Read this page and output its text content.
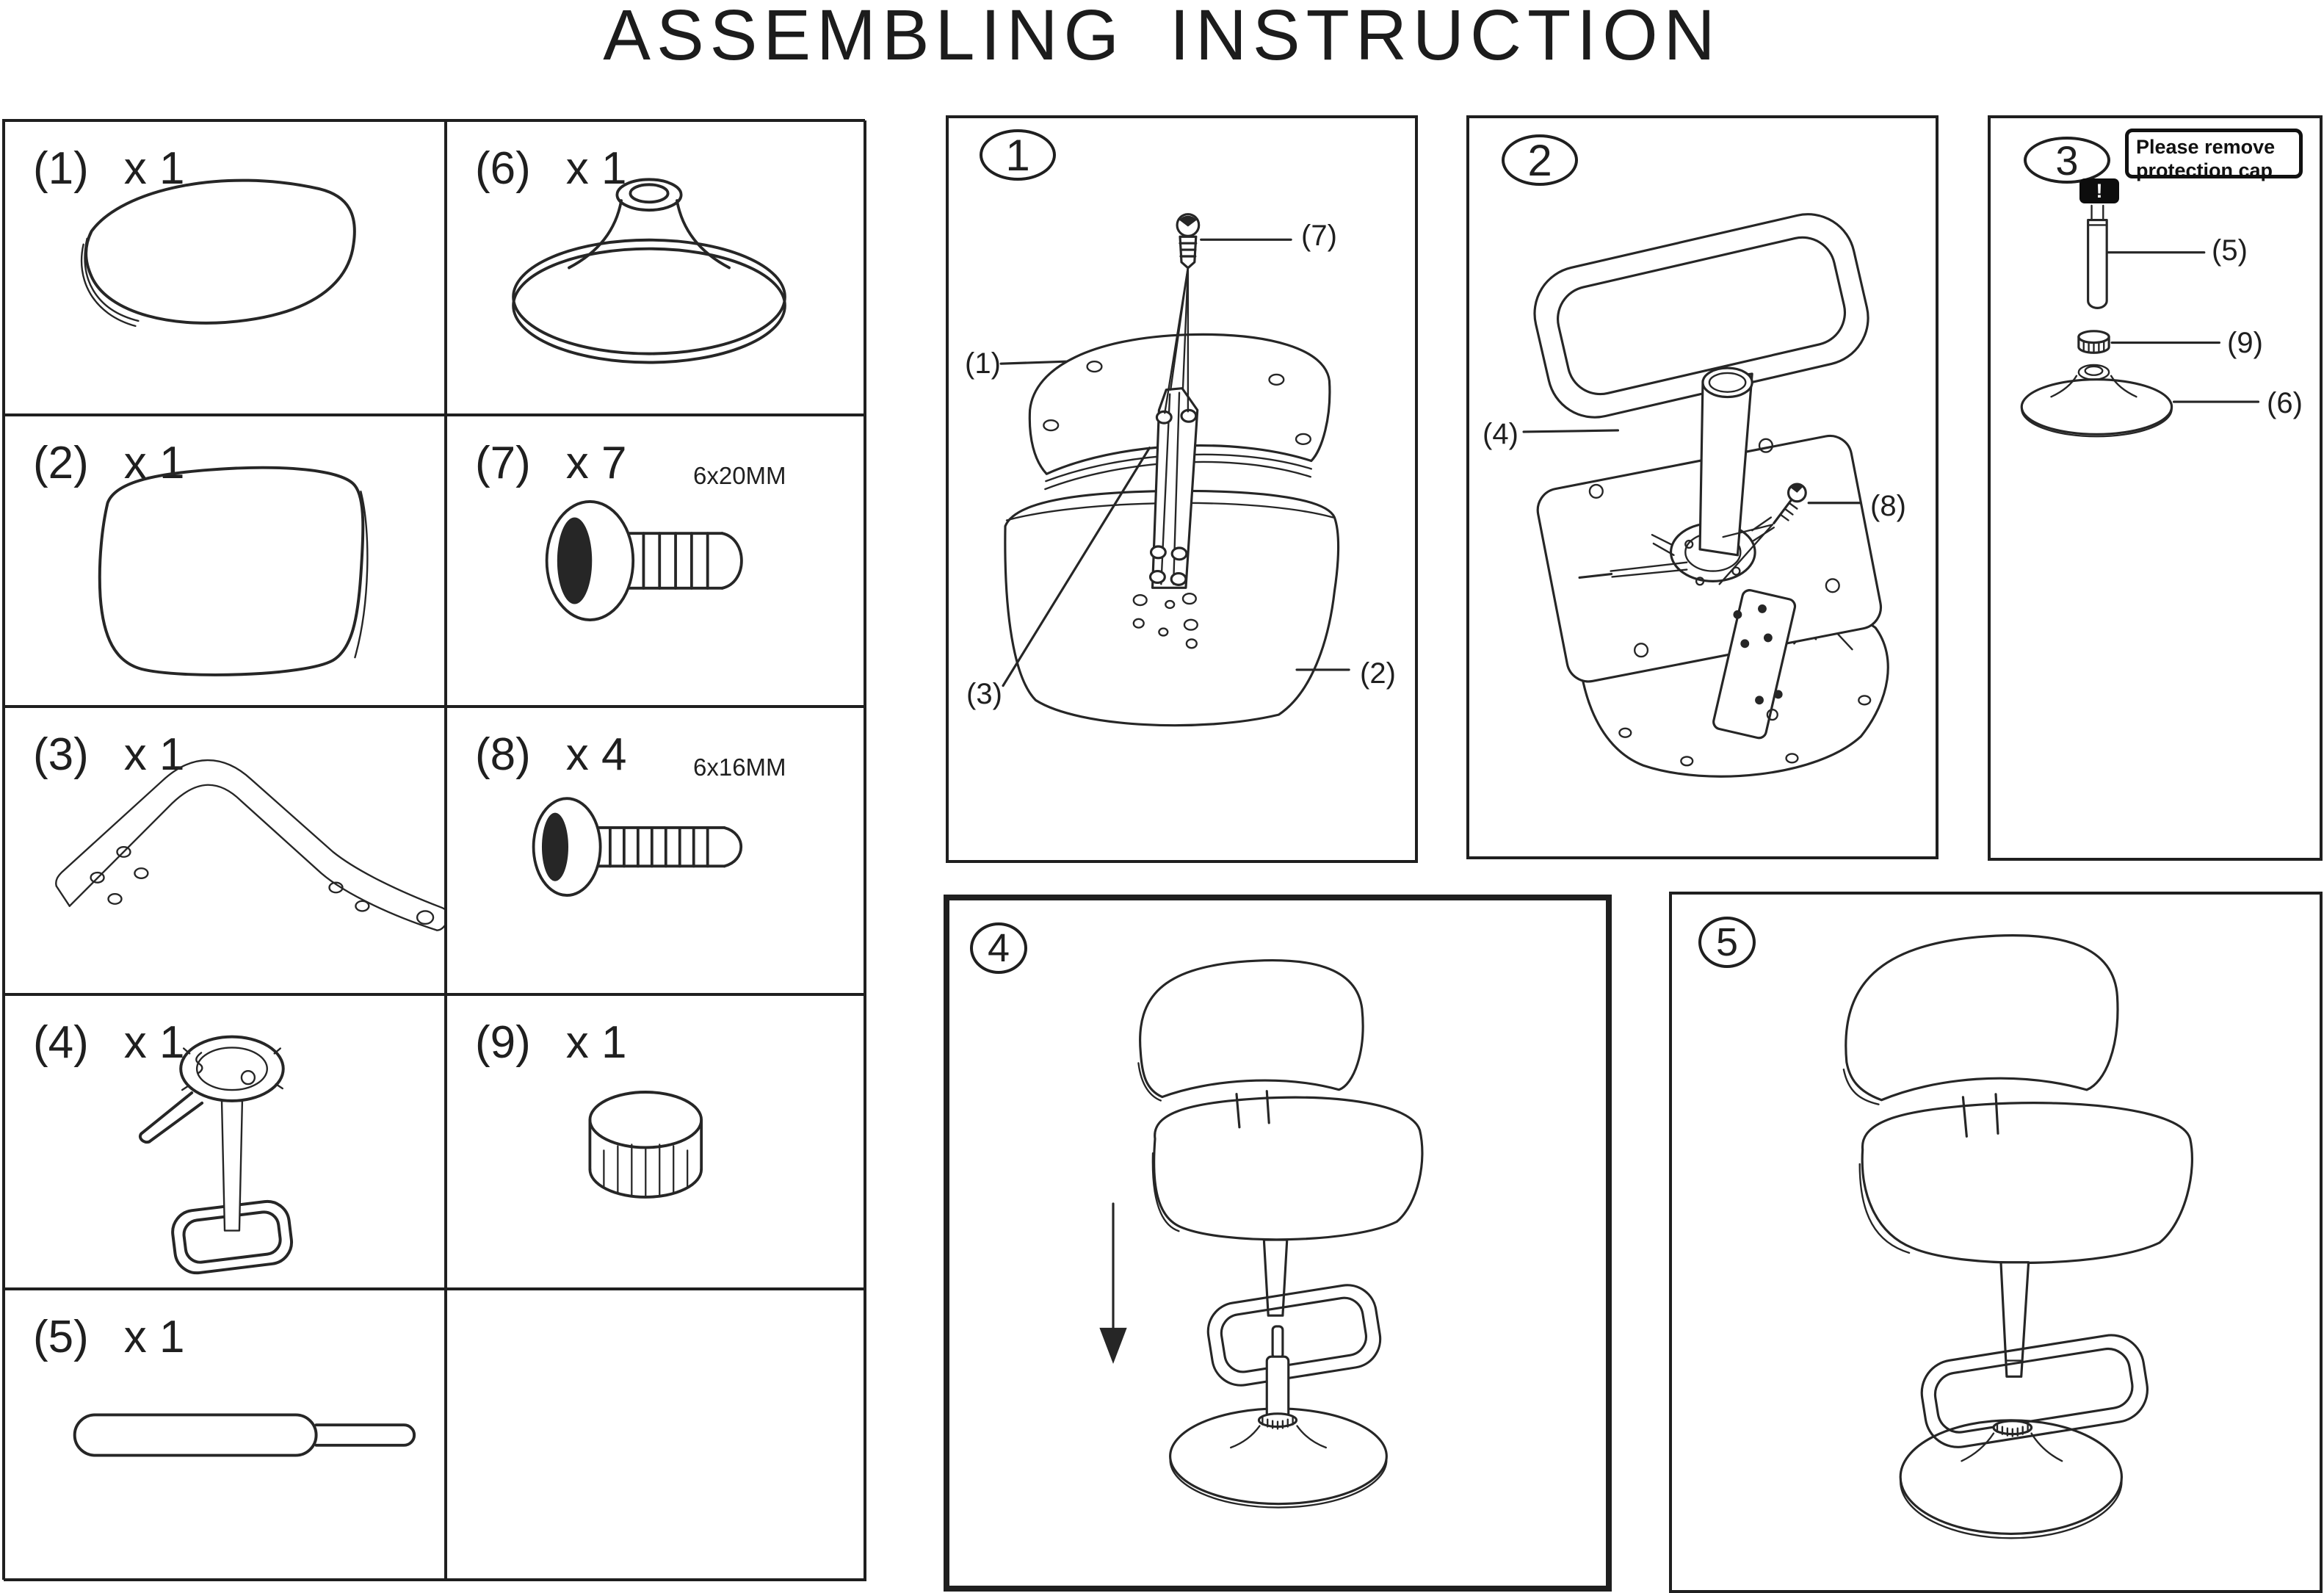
ASSEMBLING INSTRUCTION
(1) x 1	(6) x 1
(2) x 1	(7) x 7	6x20MM
(3) x 1	(8) x 4	6x16MM
(4) x 1	(9) x 1
(5) x 1
1
(7)
(1)
(3)
(2)
2
(4)
(8)
3	Please remove
protection cap
!
(5)
(9)
(6)
4	5
